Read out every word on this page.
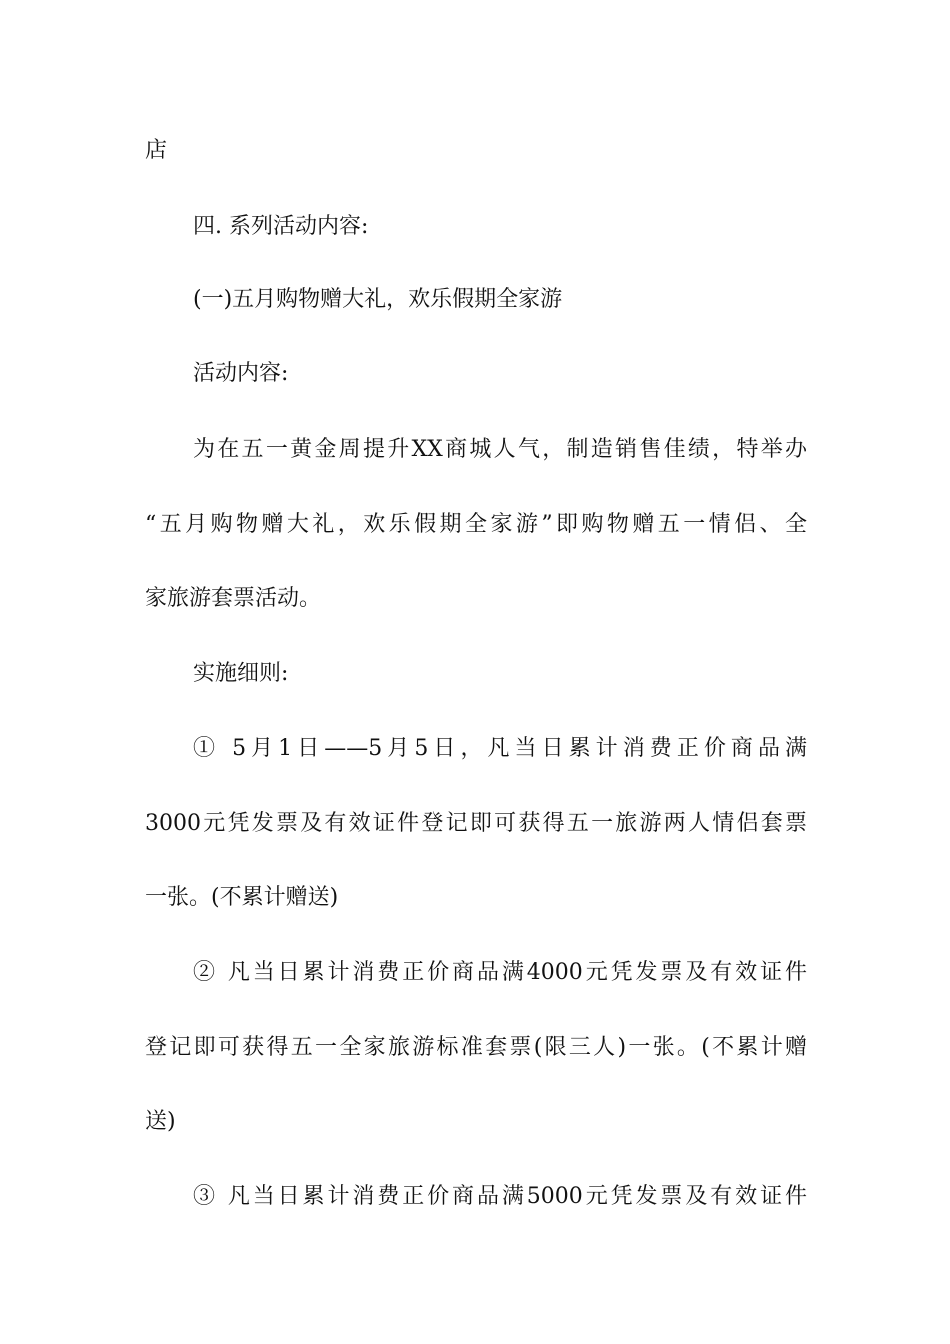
店
四. 系列活动内容:
(一)五月购物赠大礼，欢乐假期全家游
活动内容:
为在五一黄金周提升XX商城人气，制造销售佳绩，特举办
“五月购物赠大礼，欢乐假期全家游”即购物赠五一情侣、全
家旅游套票活动。
实施细则:
① 5月1日——5月5日，凡当日累计消费正价商品满
3000元凭发票及有效证件登记即可获得五一旅游两人情侣套票
一张。(不累计赠送)
② 凡当日累计消费正价商品满4000元凭发票及有效证件
登记即可获得五一全家旅游标准套票(限三人)一张。(不累计赠
送)
③ 凡当日累计消费正价商品满5000元凭发票及有效证件
